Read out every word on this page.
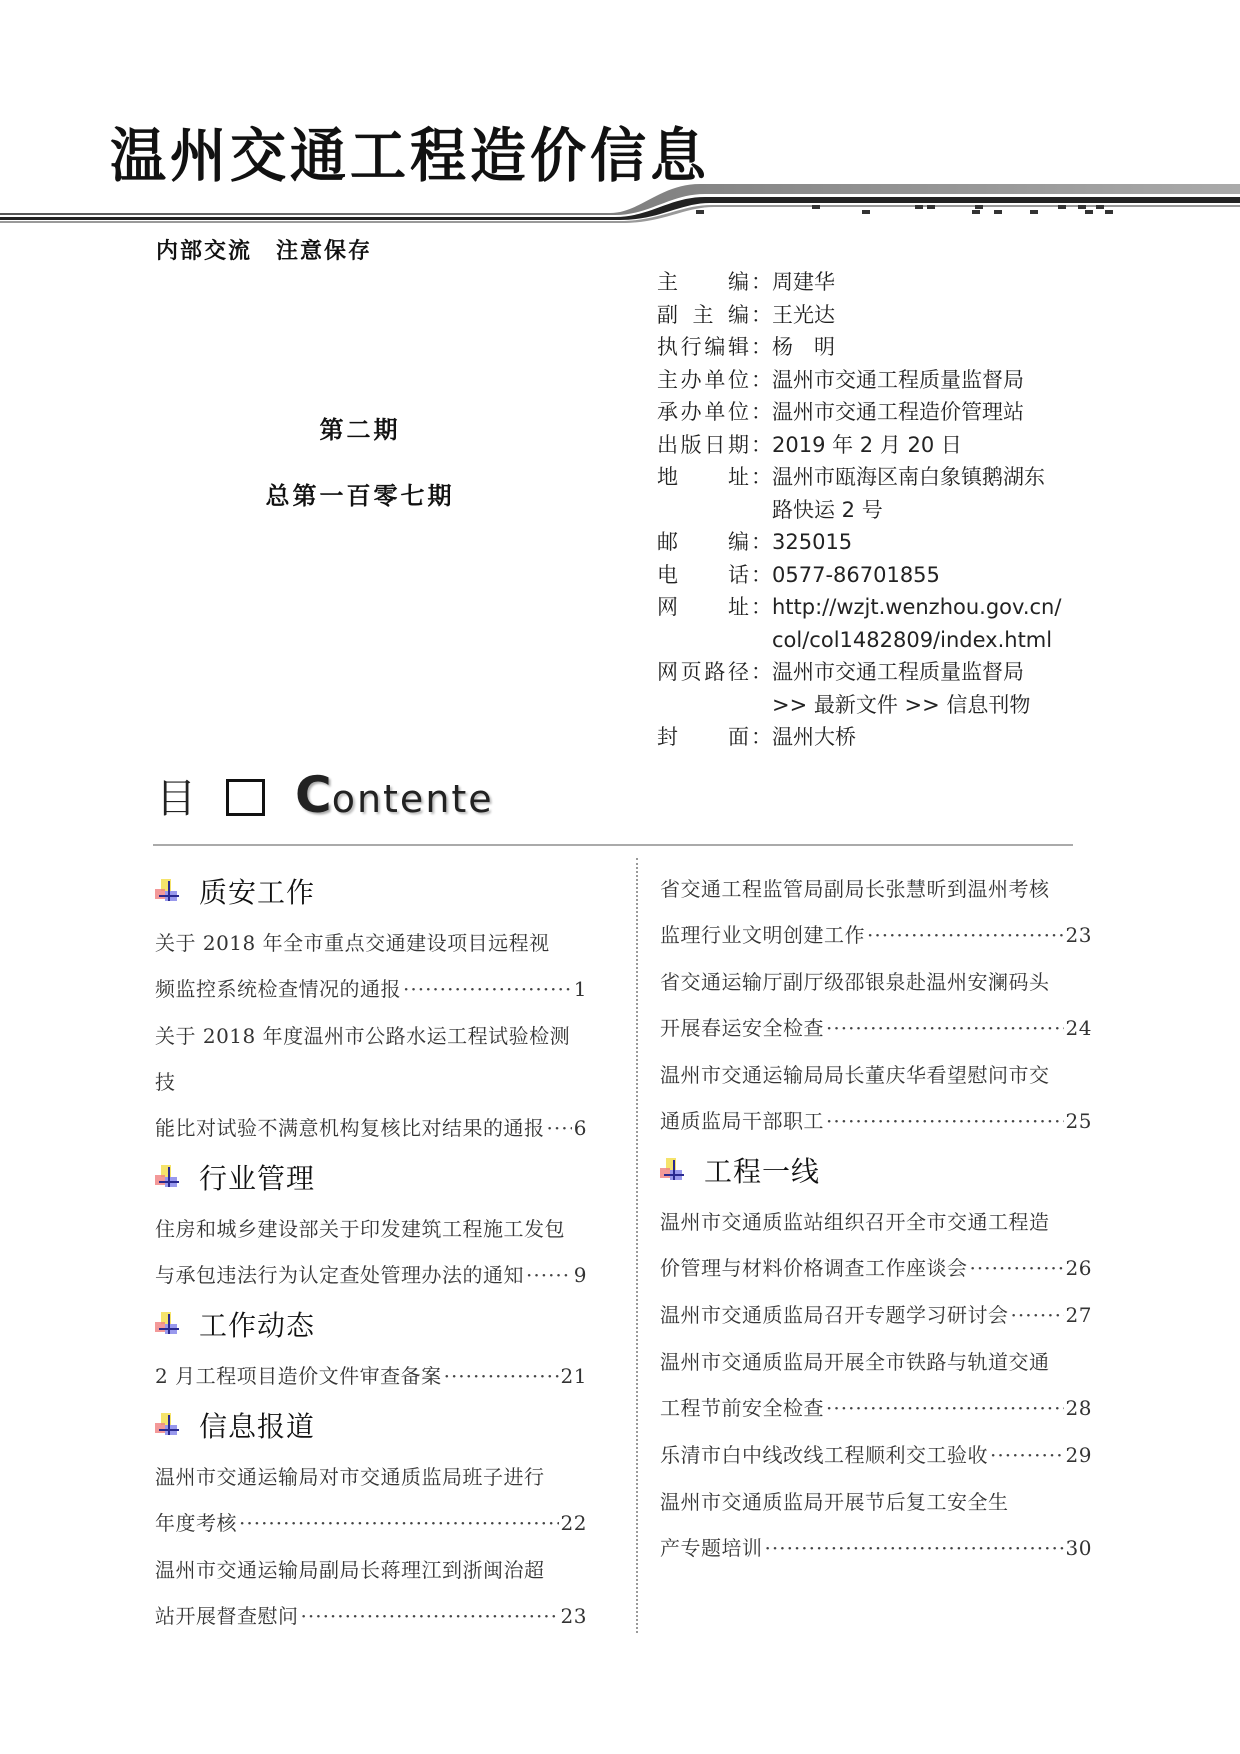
温州交通工程造价信息
内部交流　注意保存
第二期
总第一百零七期
主 编 ： 周建华
副 主 编 ： 王光达
执 行 编 辑 ： 杨　明
主 办 单 位 ： 温州市交通工程质量监督局
承 办 单 位 ： 温州市交通工程造价管理站
出 版 日 期 ： 2019 年 2 月 20 日
地 址 ： 温州市瓯海区南白象镇鹅湖东
路快运 2 号
邮 编 ： 325015
电 话 ： 0577-86701855
网 址 ： http://wzjt.wenzhou.gov.cn/
col/col1482809/index.html
网 页 路 径 ： 温州市交通工程质量监督局
>> 最新文件 >> 信息刊物
封 面 ： 温州大桥
目 C ontente
质安工作
关于 2018 年全市重点交通建设项目远程视
频监控系统检查情况的通报 ·····	1
关于 2018 年度温州市公路水运工程试验检测技
能比对试验不满意机构复核比对结果的通报 ····· 6
行业管理
住房和城乡建设部关于印发建筑工程施工发包
与承包违法行为认定查处管理办法的通知 ····· 9
工作动态
2 月工程项目造价文件审查备案 ·····	21
信息报道
温州市交通运输局对市交通质监局班子进行
年度考核 ·····	22
温州市交通运输局副局长蒋理江到浙闽治超
站开展督查慰问 ·····	23
省交通工程监管局副局长张慧昕到温州考核
监理行业文明创建工作 ·····	23
省交通运输厅副厅级邵银泉赴温州安澜码头
开展春运安全检查 ·····	24
温州市交通运输局局长董庆华看望慰问市交
通质监局干部职工 ·····	25
工程一线
温州市交通质监站组织召开全市交通工程造
价管理与材料价格调查工作座谈会 ·····	26
温州市交通质监局召开专题学习研讨会 ·····	27
温州市交通质监局开展全市铁路与轨道交通
工程节前安全检查 ·····	28
乐清市白中线改线工程顺利交工验收 ·····	29
温州市交通质监局开展节后复工安全生
产专题培训 ·····	30
